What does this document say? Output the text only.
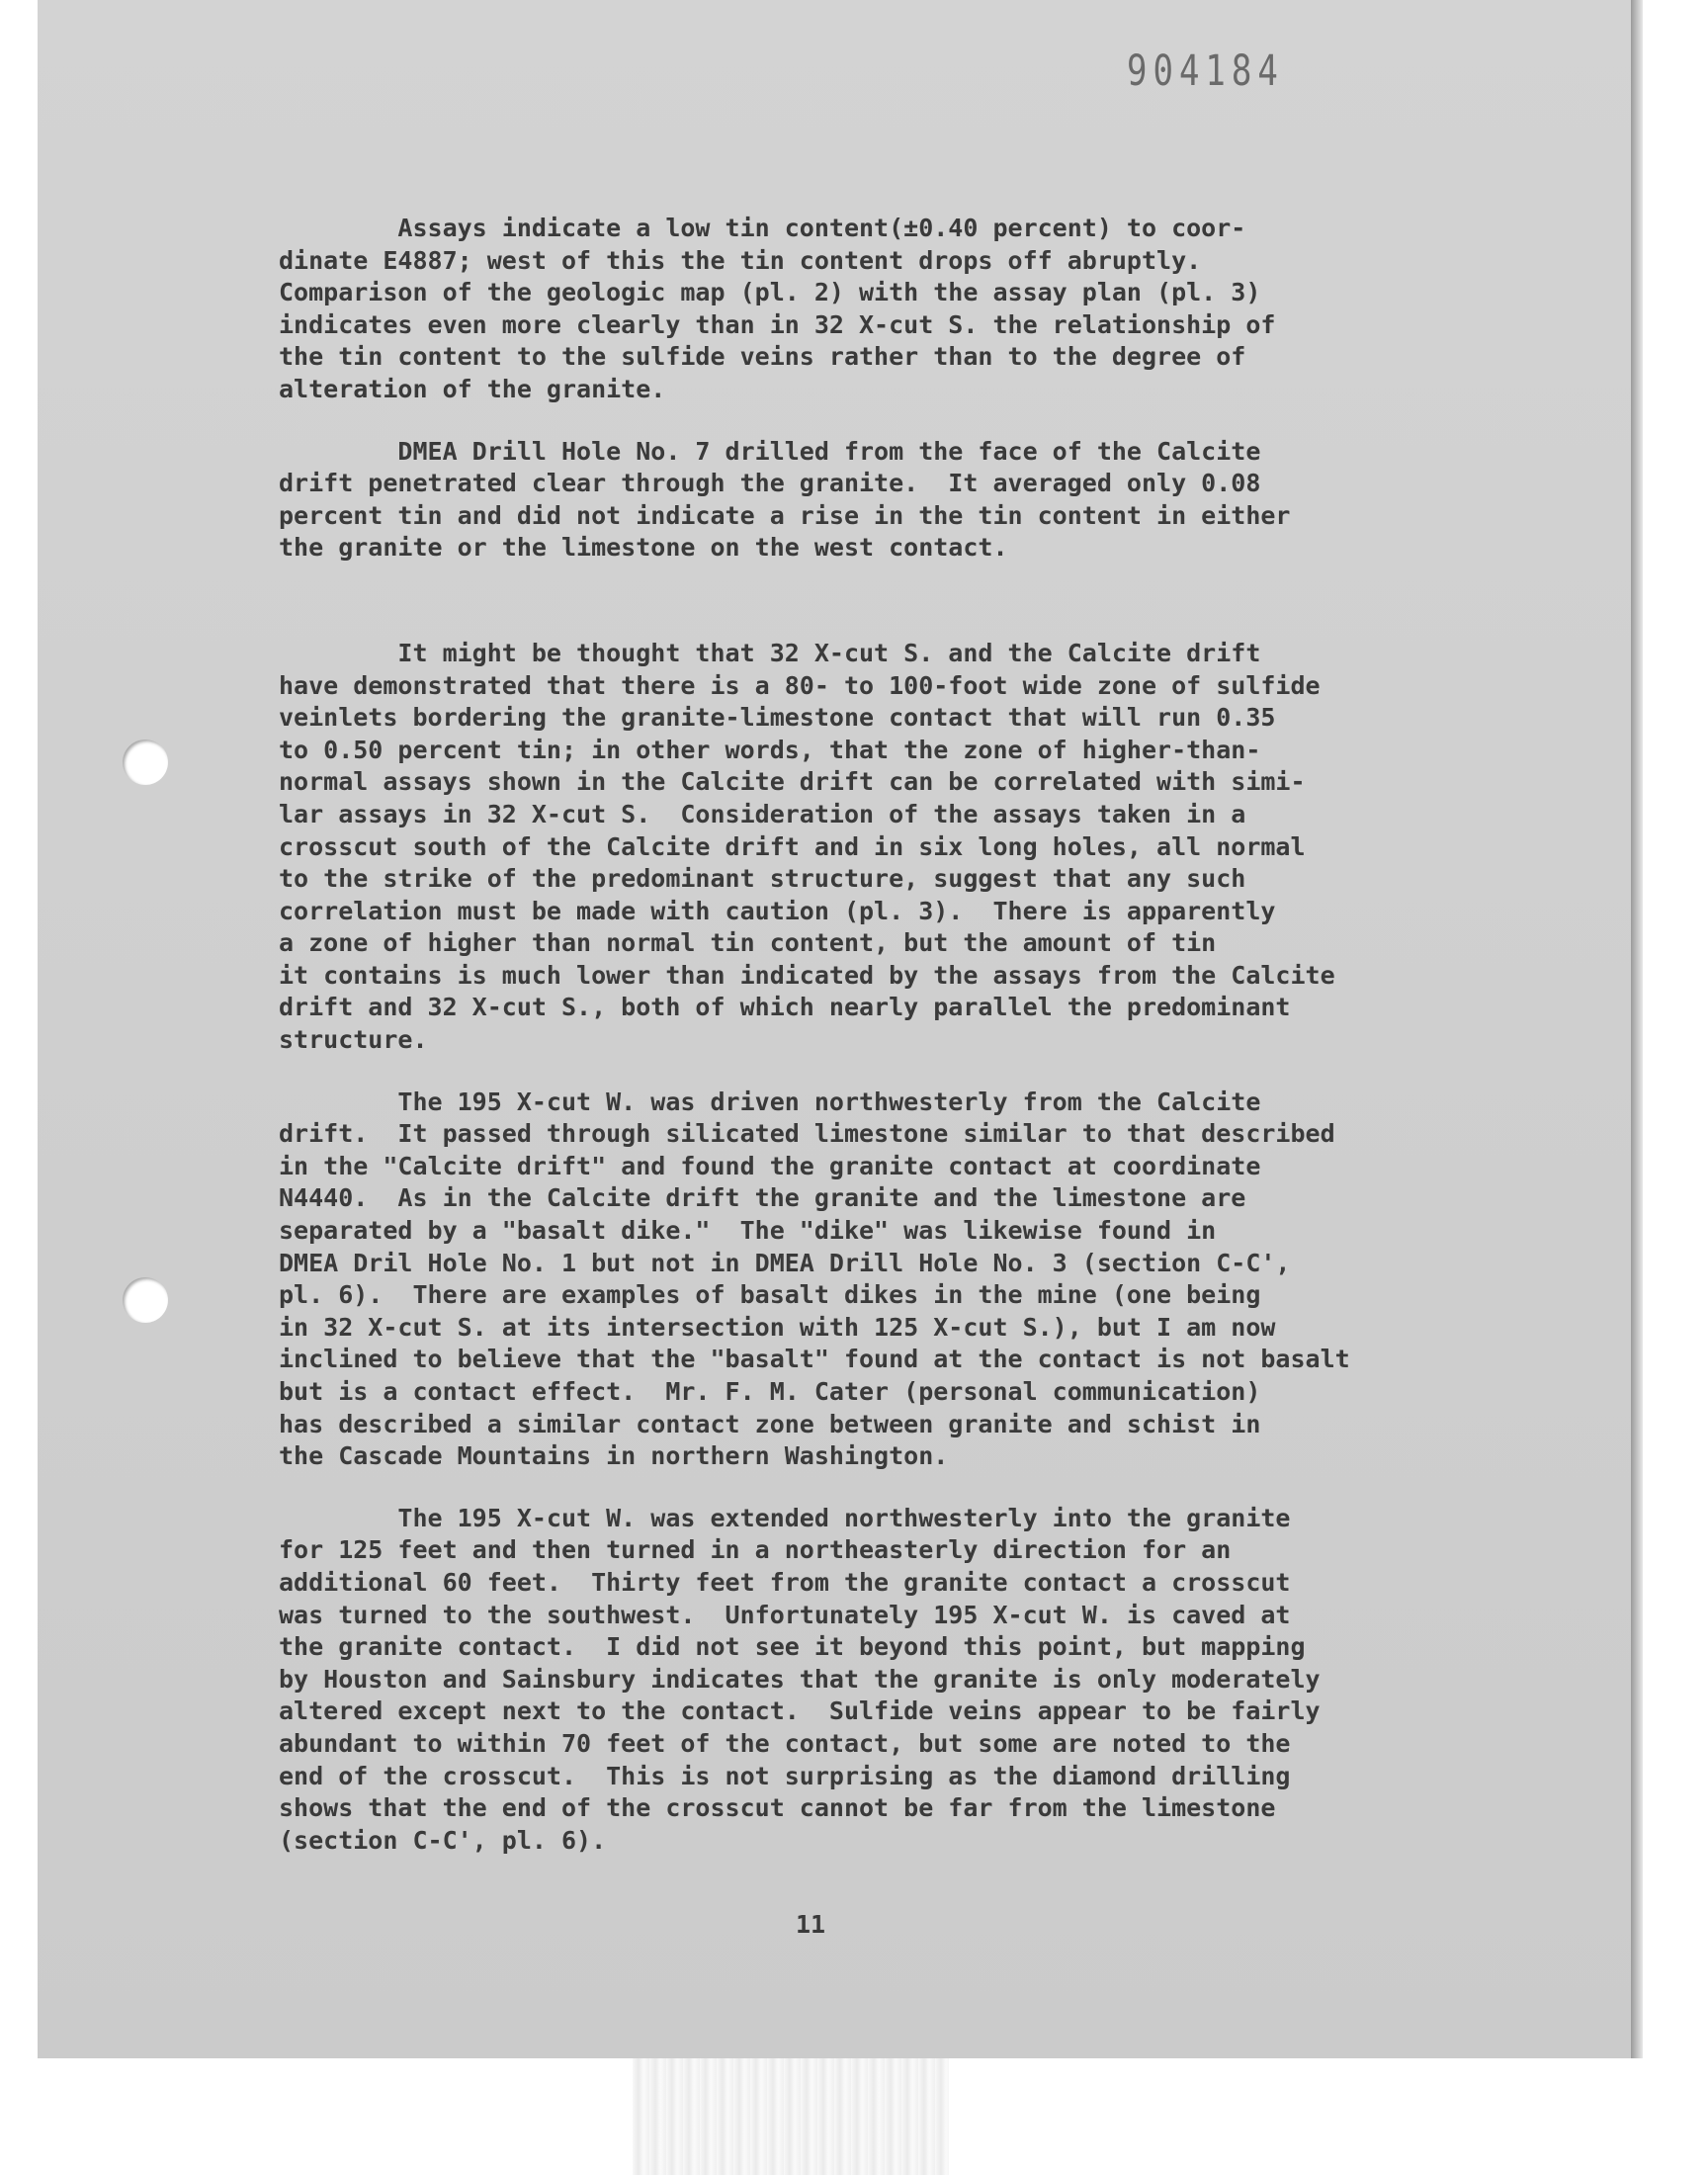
904184
Assays indicate a low tin content(±0.40 percent) to coor-
dinate E4887; west of this the tin content drops off abruptly.
Comparison of the geologic map (pl. 2) with the assay plan (pl. 3)
indicates even more clearly than in 32 X-cut S. the relationship of
the tin content to the sulfide veins rather than to the degree of
alteration of the granite.
DMEA Drill Hole No. 7 drilled from the face of the Calcite
drift penetrated clear through the granite.  It averaged only 0.08
percent tin and did not indicate a rise in the tin content in either
the granite or the limestone on the west contact.
It might be thought that 32 X-cut S. and the Calcite drift
have demonstrated that there is a 80- to 100-foot wide zone of sulfide
veinlets bordering the granite-limestone contact that will run 0.35
to 0.50 percent tin; in other words, that the zone of higher-than-
normal assays shown in the Calcite drift can be correlated with simi-
lar assays in 32 X-cut S.  Consideration of the assays taken in a
crosscut south of the Calcite drift and in six long holes, all normal
to the strike of the predominant structure, suggest that any such
correlation must be made with caution (pl. 3).  There is apparently
a zone of higher than normal tin content, but the amount of tin
it contains is much lower than indicated by the assays from the Calcite
drift and 32 X-cut S., both of which nearly parallel the predominant
structure.
The 195 X-cut W. was driven northwesterly from the Calcite
drift.  It passed through silicated limestone similar to that described
in the "Calcite drift" and found the granite contact at coordinate
N4440.  As in the Calcite drift the granite and the limestone are
separated by a "basalt dike."  The "dike" was likewise found in
DMEA Dril Hole No. 1 but not in DMEA Drill Hole No. 3 (section C-C',
pl. 6).  There are examples of basalt dikes in the mine (one being
in 32 X-cut S. at its intersection with 125 X-cut S.), but I am now
inclined to believe that the "basalt" found at the contact is not basalt
but is a contact effect.  Mr. F. M. Cater (personal communication)
has described a similar contact zone between granite and schist in
the Cascade Mountains in northern Washington.
The 195 X-cut W. was extended northwesterly into the granite
for 125 feet and then turned in a northeasterly direction for an
additional 60 feet.  Thirty feet from the granite contact a crosscut
was turned to the southwest.  Unfortunately 195 X-cut W. is caved at
the granite contact.  I did not see it beyond this point, but mapping
by Houston and Sainsbury indicates that the granite is only moderately
altered except next to the contact.  Sulfide veins appear to be fairly
abundant to within 70 feet of the contact, but some are noted to the
end of the crosscut.  This is not surprising as the diamond drilling
shows that the end of the crosscut cannot be far from the limestone
(section C-C', pl. 6).
11
